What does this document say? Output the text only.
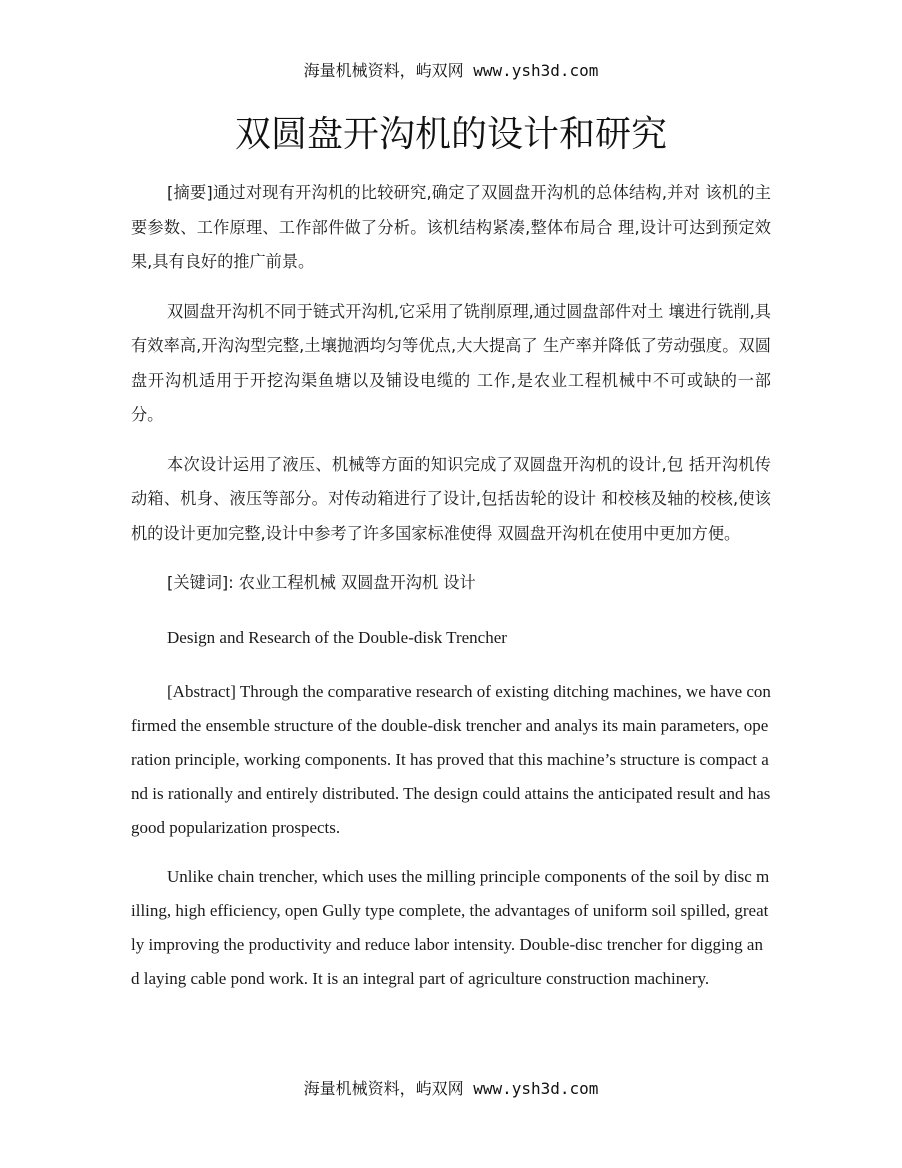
海量机械资料，屿双网 www.ysh3d.com
双圆盘开沟机的设计和研究

[摘要]通过对现有开沟机的比较研究,确定了双圆盘开沟机的总体结构,并对 该机的主要参数、工作原理、工作部件做了分析。该机结构紧凑,整体布局合 理,设计可达到预定效果,具有良好的推广前景。

双圆盘开沟机不同于链式开沟机,它采用了铣削原理,通过圆盘部件对土 壤进行铣削,具有效率高,开沟沟型完整,土壤抛洒均匀等优点,大大提高了 生产率并降低了劳动强度。双圆盘开沟机适用于开挖沟渠鱼塘以及铺设电缆的 工作,是农业工程机械中不可或缺的一部分。

本次设计运用了液压、机械等方面的知识完成了双圆盘开沟机的设计,包 括开沟机传动箱、机身、液压等部分。对传动箱进行了设计,包括齿轮的设计 和校核及轴的校核,使该机的设计更加完整,设计中参考了许多国家标准使得 双圆盘开沟机在使用中更加方便。

[关键词]: 农业工程机械 双圆盘开沟机 设计

Design and Research of the Double-disk Trencher

[Abstract] Through the comparative research of existing ditching machines, we have confirmed the ensemble structure of the double-disk trencher and analys its main parameters, operation principle, working components. It has proved that this machine’s structure is compact and is rationally and entirely distributed. The design could attains the anticipated result and has good popularization prospects.

Unlike chain trencher, which uses the milling principle components of the soil by disc milling, high efficiency, open Gully type complete, the advantages of uniform soil spilled, greatly improving the productivity and reduce labor intensity. Double-disc trencher for digging and laying cable pond work. It is an integral part of agriculture construction machinery.

海量机械资料，屿双网 www.ysh3d.com
